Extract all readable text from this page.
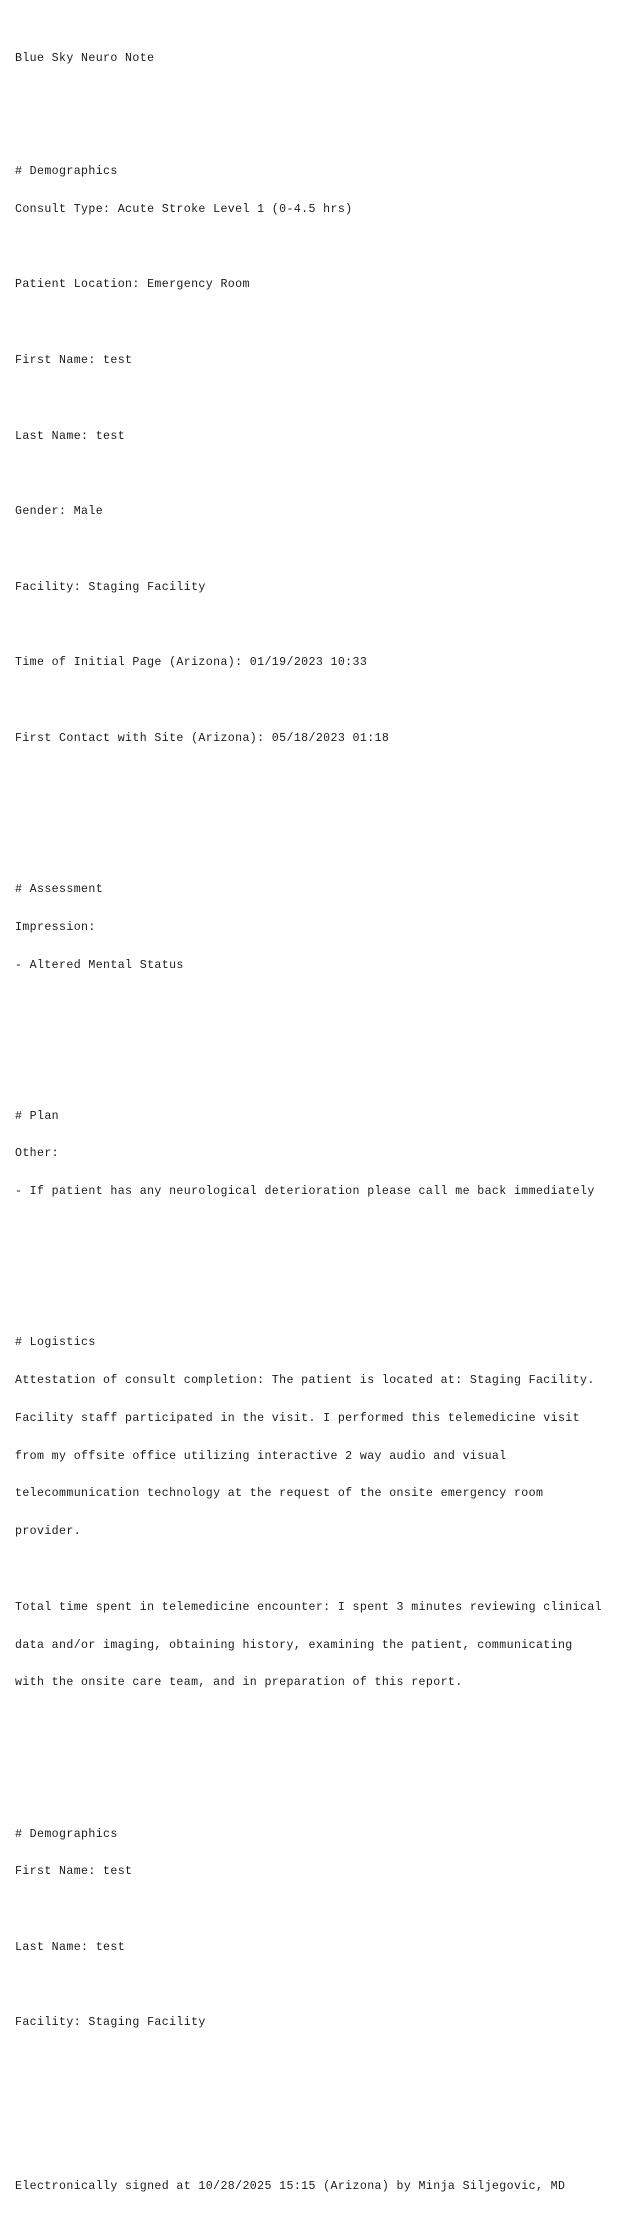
Blue Sky Neuro Note

# Demographics

Consult Type: Acute Stroke Level 1 (0-4.5 hrs)

Patient Location: Emergency Room

First Name: test

Last Name: test

Gender: Male

Facility: Staging Facility

Time of Initial Page (Arizona): 01/19/2023 10:33

First Contact with Site (Arizona): 05/18/2023 01:18

# Assessment

Impression:

- Altered Mental Status

# Plan

Other:

- If patient has any neurological deterioration please call me back immediately

# Logistics

Attestation of consult completion: The patient is located at: Staging Facility.

Facility staff participated in the visit. I performed this telemedicine visit

from my offsite office utilizing interactive 2 way audio and visual

telecommunication technology at the request of the onsite emergency room

provider.

Total time spent in telemedicine encounter: I spent 3 minutes reviewing clinical

data and/or imaging, obtaining history, examining the patient, communicating

with the onsite care team, and in preparation of this report.

# Demographics

First Name: test

Last Name: test

Facility: Staging Facility

Electronically signed at 10/28/2025 15:15 (Arizona) by Minja Siljegovic, MD
